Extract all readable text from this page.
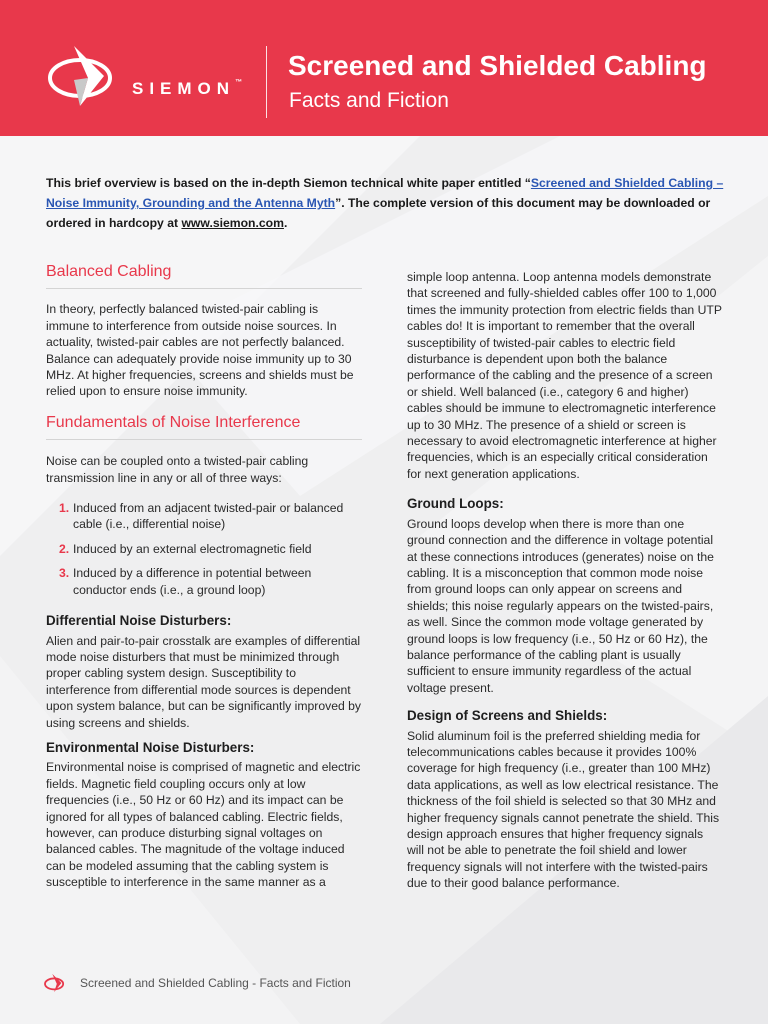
SIEMON™
Screened and Shielded Cabling
Facts and Fiction
This brief overview is based on the in-depth Siemon technical white paper entitled “Screened and Shielded Cabling – Noise Immunity, Grounding and the Antenna Myth”. The complete version of this document may be downloaded or ordered in hardcopy at www.siemon.com.
Balanced Cabling

In theory, perfectly balanced twisted-pair cabling is immune to interference from outside noise sources. In actuality, twisted-pair cables are not perfectly balanced. Balance can adequately provide noise immunity up to 30 MHz. At higher frequencies, screens and shields must be relied upon to ensure noise immunity.

Fundamentals of Noise Interference

Noise can be coupled onto a twisted-pair cabling transmission line in any or all of three ways:

1. Induced from an adjacent twisted-pair or balanced cable (i.e., differential noise)
2. Induced by an external electromagnetic field
3. Induced by a difference in potential between conductor ends (i.e., a ground loop)
Differential Noise Disturbers:

Alien and pair-to-pair crosstalk are examples of differential mode noise disturbers that must be minimized through proper cabling system design. Susceptibility to interference from differential mode sources is dependent upon system balance, but can be significantly improved by using screens and shields.

Environmental Noise Disturbers:

Environmental noise is comprised of magnetic and electric fields. Magnetic field coupling occurs only at low frequencies (i.e., 50 Hz or 60 Hz) and its impact can be ignored for all types of balanced cabling. Electric fields, however, can produce disturbing signal voltages on balanced cables. The magnitude of the voltage induced can be modeled assuming that the cabling system is susceptible to interference in the same manner as a

simple loop antenna. Loop antenna models demonstrate that screened and fully-shielded cables offer 100 to 1,000 times the immunity protection from electric fields than UTP cables do! It is important to remember that the overall susceptibility of twisted-pair cables to electric field disturbance is dependent upon both the balance performance of the cabling and the presence of a screen or shield. Well balanced (i.e., category 6 and higher) cables should be immune to electromagnetic interference up to 30 MHz. The presence of a shield or screen is necessary to avoid electromagnetic interference at higher frequencies, which is an especially critical consideration for next generation applications.

Ground Loops:

Ground loops develop when there is more than one ground connection and the difference in voltage potential at these connections introduces (generates) noise on the cabling. It is a misconception that common mode noise from ground loops can only appear on screens and shields; this noise regularly appears on the twisted-pairs, as well. Since the common mode voltage generated by ground loops is low frequency (i.e., 50 Hz or 60 Hz), the balance performance of the cabling plant is usually sufficient to ensure immunity regardless of the actual voltage present.

Design of Screens and Shields:

Solid aluminum foil is the preferred shielding media for telecommunications cables because it provides 100% coverage for high frequency (i.e., greater than 100 MHz) data applications, as well as low electrical resistance. The thickness of the foil shield is selected so that 30 MHz and higher frequency signals cannot penetrate the shield. This design approach ensures that higher frequency signals will not be able to penetrate the foil shield and lower frequency signals will not interfere with the twisted-pairs due to their good balance performance.

Screened and Shielded Cabling - Facts and Fiction
